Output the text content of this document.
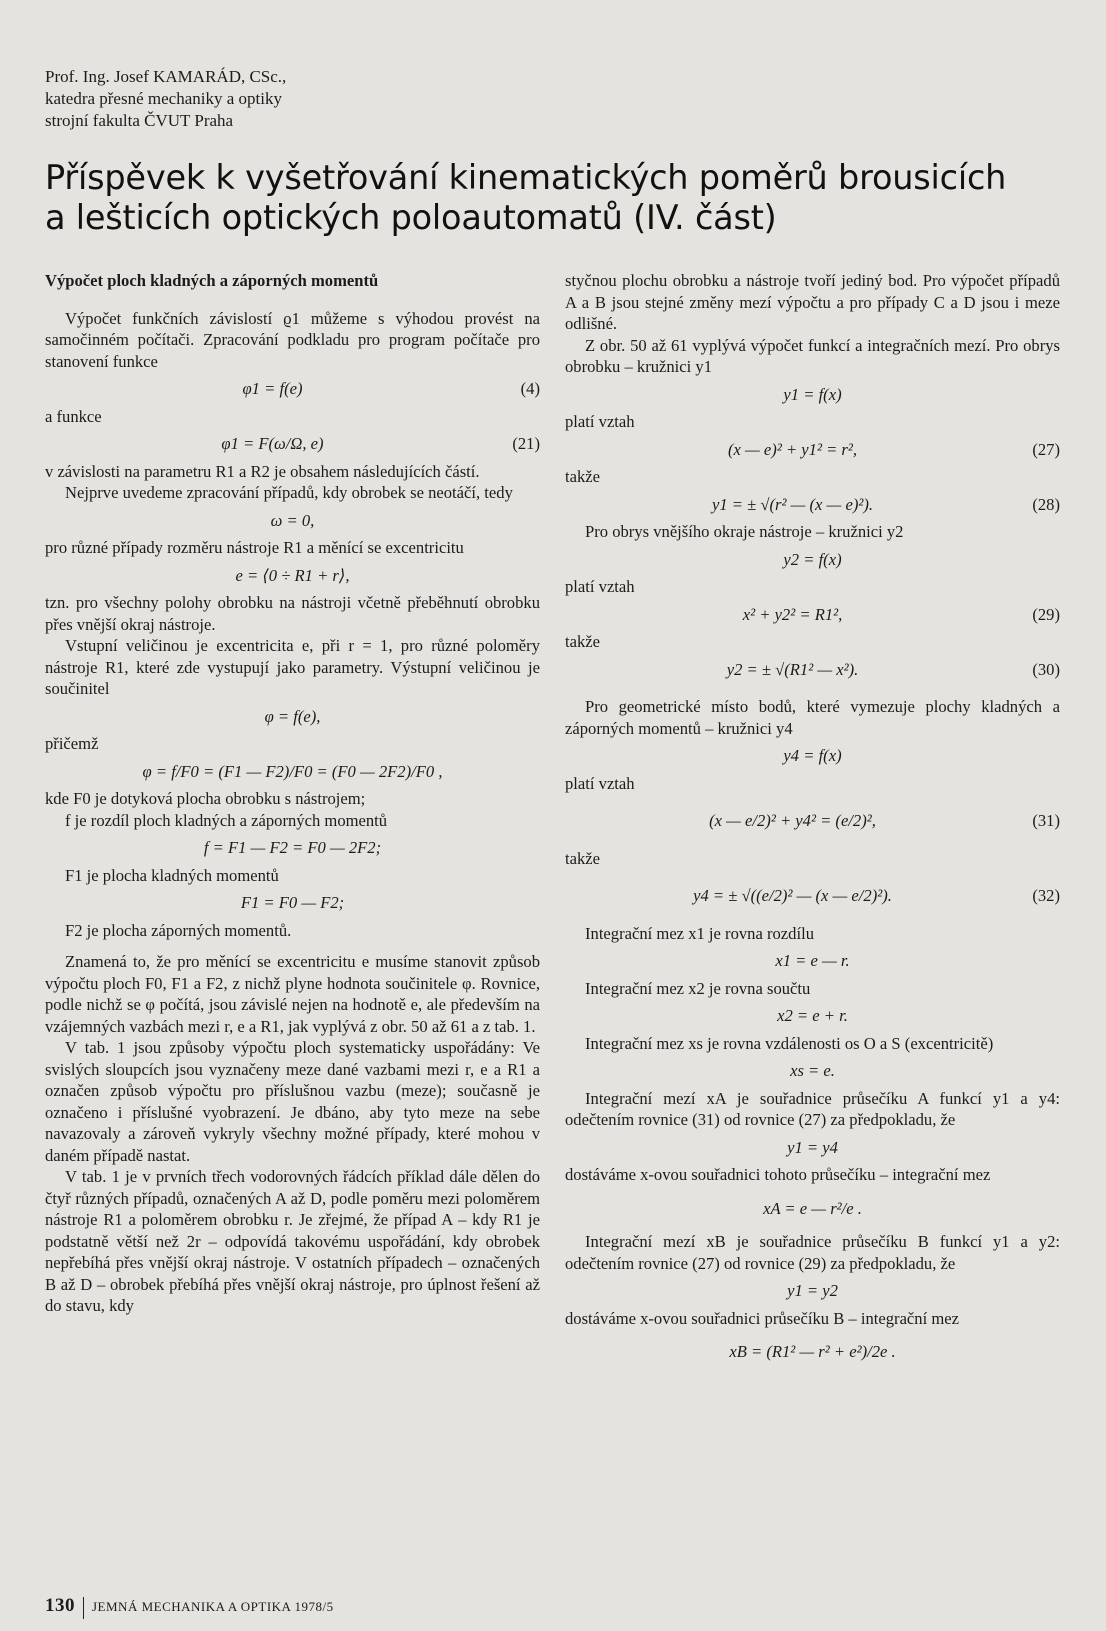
Prof. Ing. Josef KAMARÁD, CSc.,
katedra přesné mechaniky a optiky
strojní fakulta ČVUT Praha
Příspěvek k vyšetřování kinematických poměrů brousicích
a lešticích optických poloautomatů (IV. část)

Výpočet ploch kladných a záporných momentů

Výpočet funkčních závislostí ϱ1 můžeme s výhodou provést na samočinném počítači. Zpracování podkladu pro program počítače pro stanovení funkce

φ1 = f(e)	(4)

a funkce

φ1 = F(ω/Ω, e)	(21)

v závislosti na parametru R1 a R2 je obsahem následujících částí.

Nejprve uvedeme zpracování případů, kdy obrobek se neotáčí, tedy

ω = 0,

pro různé případy rozměru nástroje R1 a měnící se excentricitu

e = ⟨0 ÷ R1 + r⟩,

tzn. pro všechny polohy obrobku na nástroji včetně přeběhnutí obrobku přes vnější okraj nástroje.

Vstupní veličinou je excentricita e, při r = 1, pro různé poloměry nástroje R1, které zde vystupují jako parametry. Výstupní veličinou je součinitel

φ = f(e),

přičemž

φ = f/F0 = (F1 — F2)/F0 = (F0 — 2F2)/F0 ,

kde F0 je dotyková plocha obrobku s nástrojem;

f je rozdíl ploch kladných a záporných momentů

f = F1 — F2 = F0 — 2F2;

F1 je plocha kladných momentů

F1 = F0 — F2;

F2 je plocha záporných momentů.

Znamená to, že pro měnící se excentricitu e musíme stanovit způsob výpočtu ploch F0, F1 a F2, z nichž plyne hodnota součinitele φ. Rovnice, podle nichž se φ počítá, jsou závislé nejen na hodnotě e, ale především na vzájemných vazbách mezi r, e a R1, jak vyplývá z obr. 50 až 61 a z tab. 1.

V tab. 1 jsou způsoby výpočtu ploch systematicky uspořádány: Ve svislých sloupcích jsou vyznačeny meze dané vazbami mezi r, e a R1 a označen způsob výpočtu pro příslušnou vazbu (meze); současně je označeno i příslušné vyobrazení. Je dbáno, aby tyto meze na sebe navazovaly a zároveň vykryly všechny možné případy, které mohou v daném případě nastat.

V tab. 1 je v prvních třech vodorovných řádcích příklad dále dělen do čtyř různých případů, označených A až D, podle poměru mezi poloměrem nástroje R1 a poloměrem obrobku r. Je zřejmé, že případ A – kdy R1 je podstatně větší než 2r – odpovídá takovému uspořádání, kdy obrobek nepřebíhá přes vnější okraj nástroje. V ostatních případech – označených B až D – obrobek přebíhá přes vnější okraj nástroje, pro úplnost řešení až do stavu, kdy

styčnou plochu obrobku a nástroje tvoří jediný bod. Pro výpočet případů A a B jsou stejné změny mezí výpočtu a pro případy C a D jsou i meze odlišné.

Z obr. 50 až 61 vyplývá výpočet funkcí a integračních mezí. Pro obrys obrobku – kružnici y1

y1 = f(x)

platí vztah

(x — e)² + y1² = r²,	(27)

takže

y1 = ± √(r² — (x — e)²).	(28)

Pro obrys vnějšího okraje nástroje – kružnici y2

y2 = f(x)

platí vztah

x² + y2² = R1²,	(29)

takže

y2 = ± √(R1² — x²).	(30)

Pro geometrické místo bodů, které vymezuje plochy kladných a záporných momentů – kružnici y4

y4 = f(x)

platí vztah

(x — e/2)² + y4² = (e/2)²,	(31)

takže

y4 = ± √((e/2)² — (x — e/2)²).	(32)

Integrační mez x1 je rovna rozdílu

x1 = e — r.

Integrační mez x2 je rovna součtu

x2 = e + r.

Integrační mez xs je rovna vzdálenosti os O a S (excentricitě)

xs = e.

Integrační mezí xA je souřadnice průsečíku A funkcí y1 a y4: odečtením rovnice (31) od rovnice (27) za předpokladu, že

y1 = y4

dostáváme x-ovou souřadnici tohoto průsečíku – integrační mez

xA = e — r²/e .

Integrační mezí xB je souřadnice průsečíku B funkcí y1 a y2: odečtením rovnice (27) od rovnice (29) za předpokladu, že

y1 = y2

dostáváme x-ovou souřadnici průsečíku B – integrační mez

xB = (R1² — r² + e²)/2e .
130 JEMNÁ MECHANIKA A OPTIKA 1978/5
